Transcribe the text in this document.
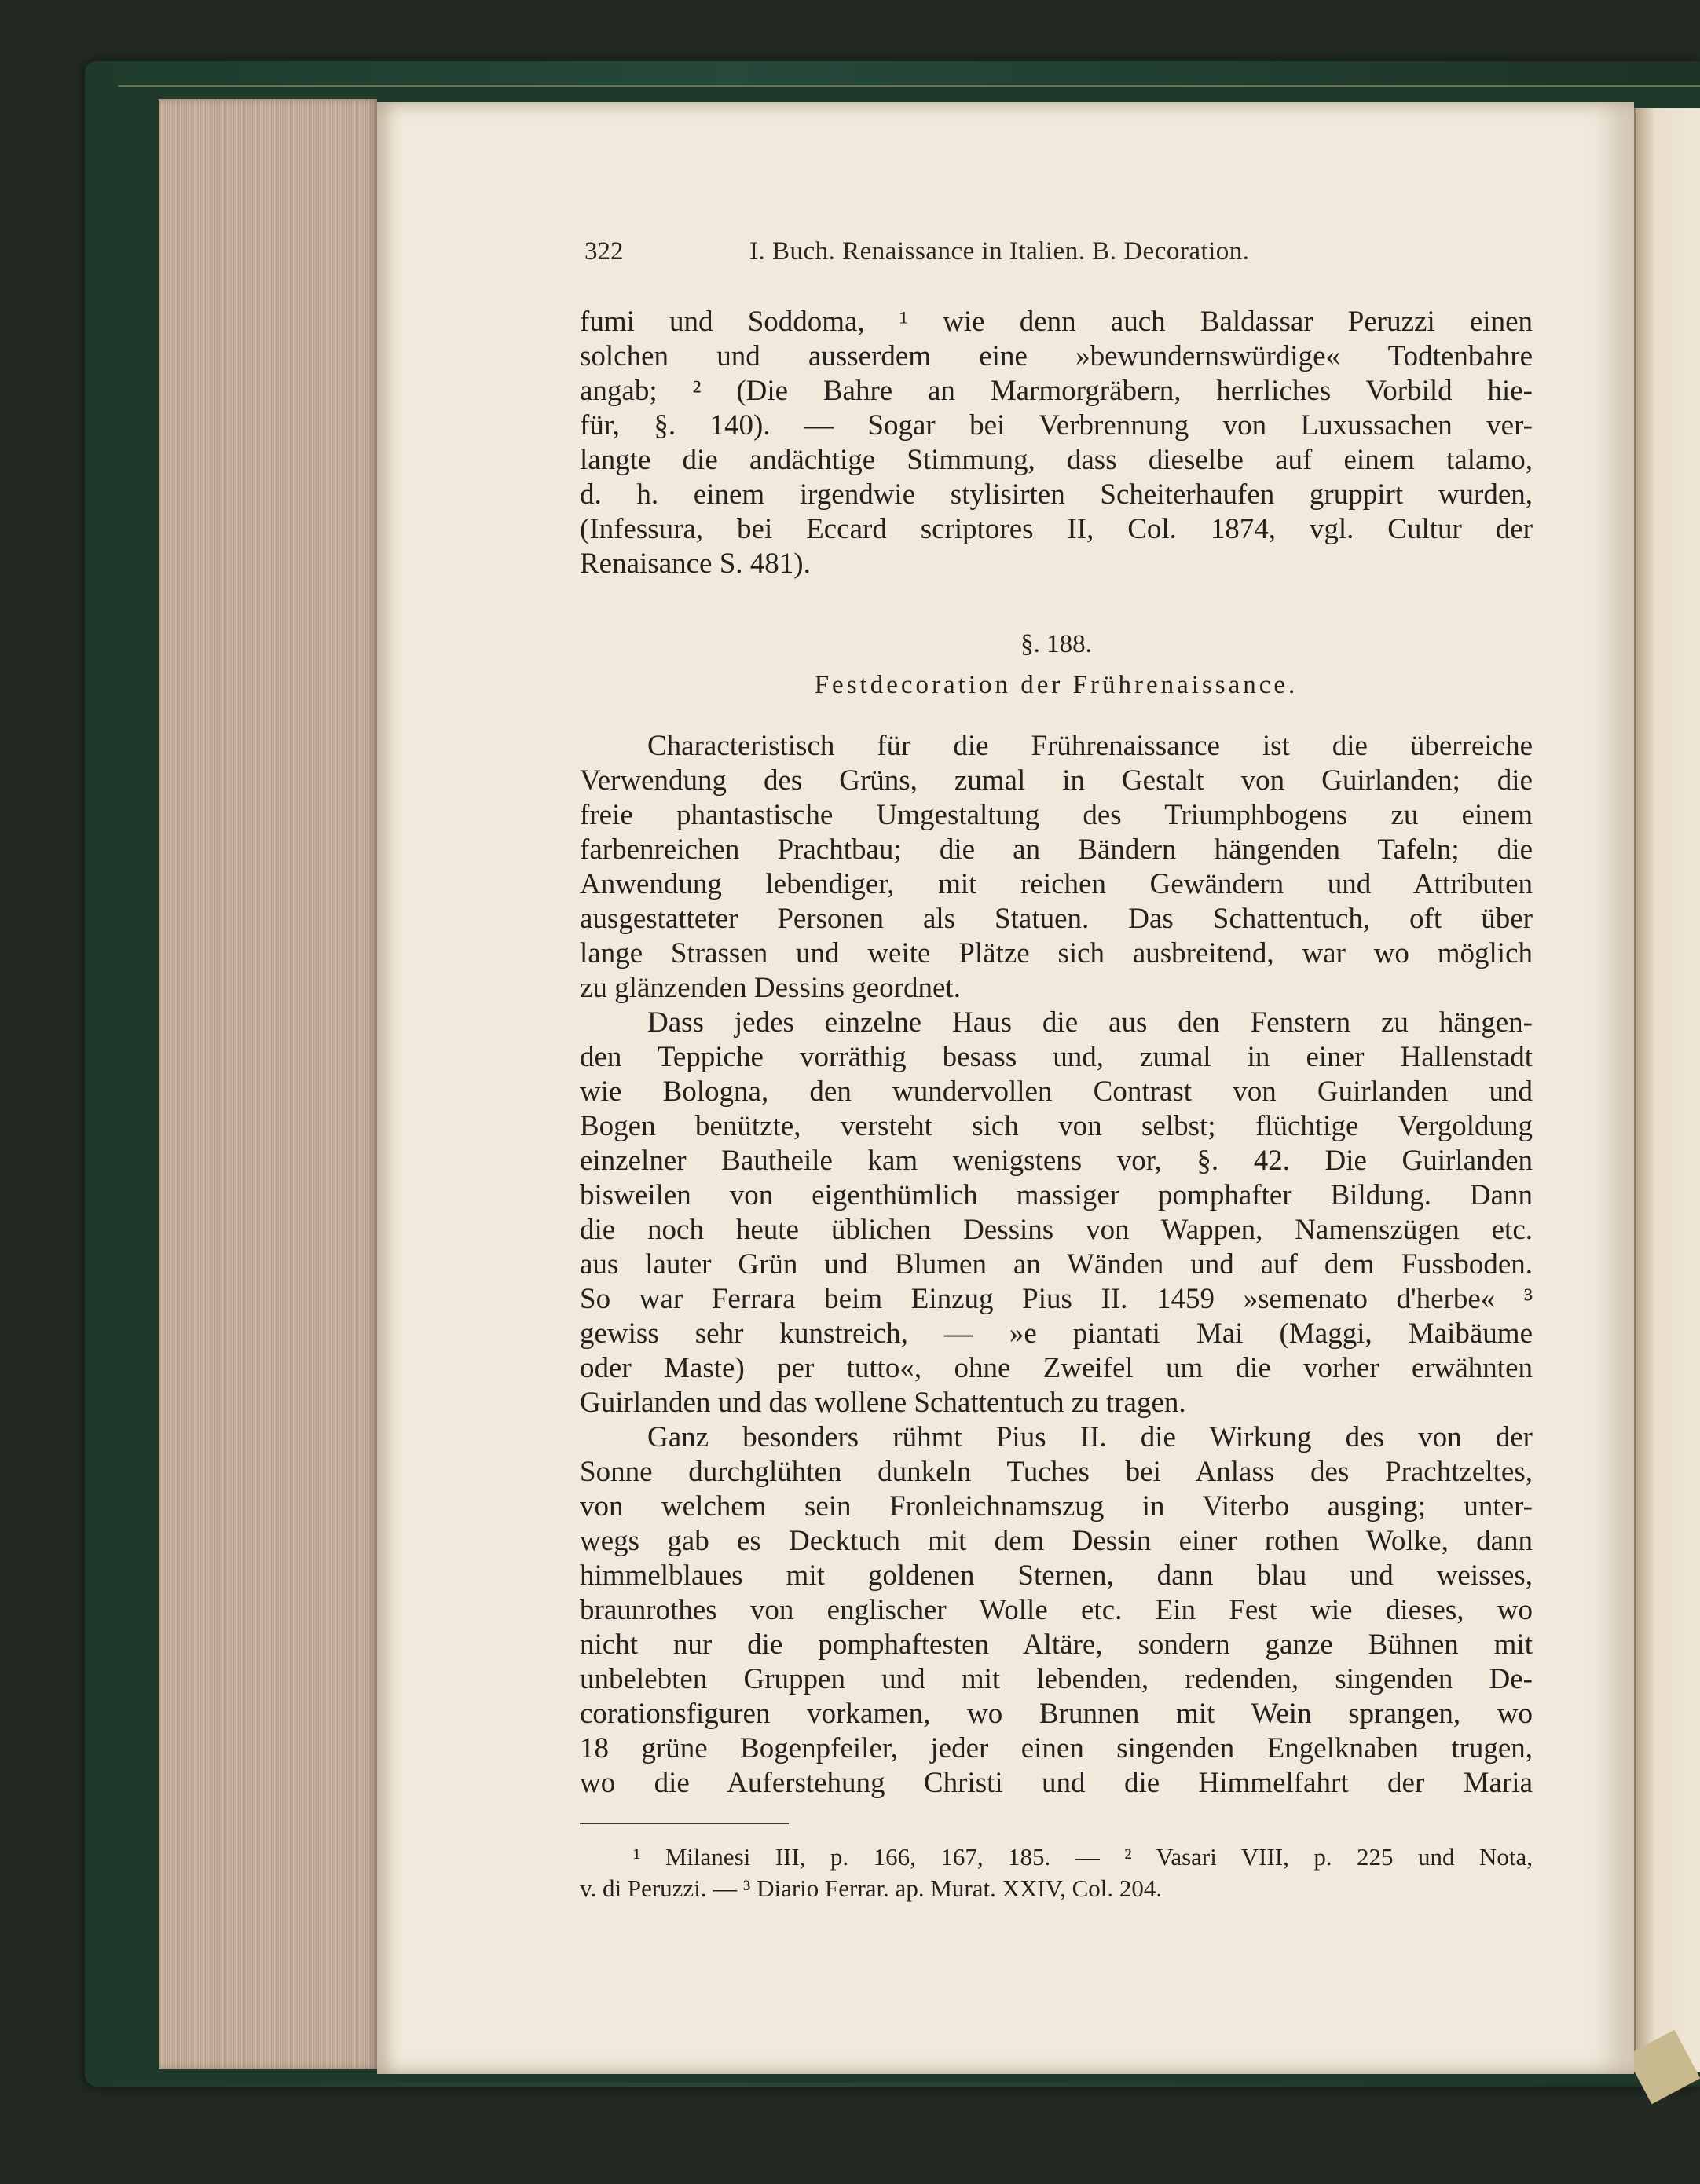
322	I. Buch. Renaissance in Italien. B. Decoration.
fumi und Soddoma, ¹ wie denn auch Baldassar Peruzzi einen
solchen und ausserdem eine »bewundernswürdige« Todtenbahre
angab; ² (Die Bahre an Marmorgräbern, herrliches Vorbild hie-
für, §. 140). — Sogar bei Verbrennung von Luxussachen ver-
langte die andächtige Stimmung, dass dieselbe auf einem talamo,
d. h. einem irgendwie stylisirten Scheiterhaufen gruppirt wurden,
(Infessura, bei Eccard scriptores II, Col. 1874, vgl. Cultur der
Renaisance S. 481).
§. 188.
Festdecoration der Frührenaissance.
Characteristisch für die Frührenaissance ist die überreiche
Verwendung des Grüns, zumal in Gestalt von Guirlanden; die
freie phantastische Umgestaltung des Triumphbogens zu einem
farbenreichen Prachtbau; die an Bändern hängenden Tafeln; die
Anwendung lebendiger, mit reichen Gewändern und Attributen
ausgestatteter Personen als Statuen. Das Schattentuch, oft über
lange Strassen und weite Plätze sich ausbreitend, war wo möglich
zu glänzenden Dessins geordnet.
Dass jedes einzelne Haus die aus den Fenstern zu hängen-
den Teppiche vorräthig besass und, zumal in einer Hallenstadt
wie Bologna, den wundervollen Contrast von Guirlanden und
Bogen benützte, versteht sich von selbst; flüchtige Vergoldung
einzelner Bautheile kam wenigstens vor, §. 42. Die Guirlanden
bisweilen von eigenthümlich massiger pomphafter Bildung. Dann
die noch heute üblichen Dessins von Wappen, Namenszügen etc.
aus lauter Grün und Blumen an Wänden und auf dem Fussboden.
So war Ferrara beim Einzug Pius II. 1459 »semenato d'herbe« ³
gewiss sehr kunstreich, — »e piantati Mai (Maggi, Maibäume
oder Maste) per tutto«, ohne Zweifel um die vorher erwähnten
Guirlanden und das wollene Schattentuch zu tragen.
Ganz besonders rühmt Pius II. die Wirkung des von der
Sonne durchglühten dunkeln Tuches bei Anlass des Prachtzeltes,
von welchem sein Fronleichnamszug in Viterbo ausging; unter-
wegs gab es Decktuch mit dem Dessin einer rothen Wolke, dann
himmelblaues mit goldenen Sternen, dann blau und weisses,
braunrothes von englischer Wolle etc. Ein Fest wie dieses, wo
nicht nur die pomphaftesten Altäre, sondern ganze Bühnen mit
unbelebten Gruppen und mit lebenden, redenden, singenden De-
corationsfiguren vorkamen, wo Brunnen mit Wein sprangen, wo
18 grüne Bogenpfeiler, jeder einen singenden Engelknaben trugen,
wo die Auferstehung Christi und die Himmelfahrt der Maria
¹ Milanesi III, p. 166, 167, 185. — ² Vasari VIII, p. 225 und Nota,
v. di Peruzzi. — ³ Diario Ferrar. ap. Murat. XXIV, Col. 204.
